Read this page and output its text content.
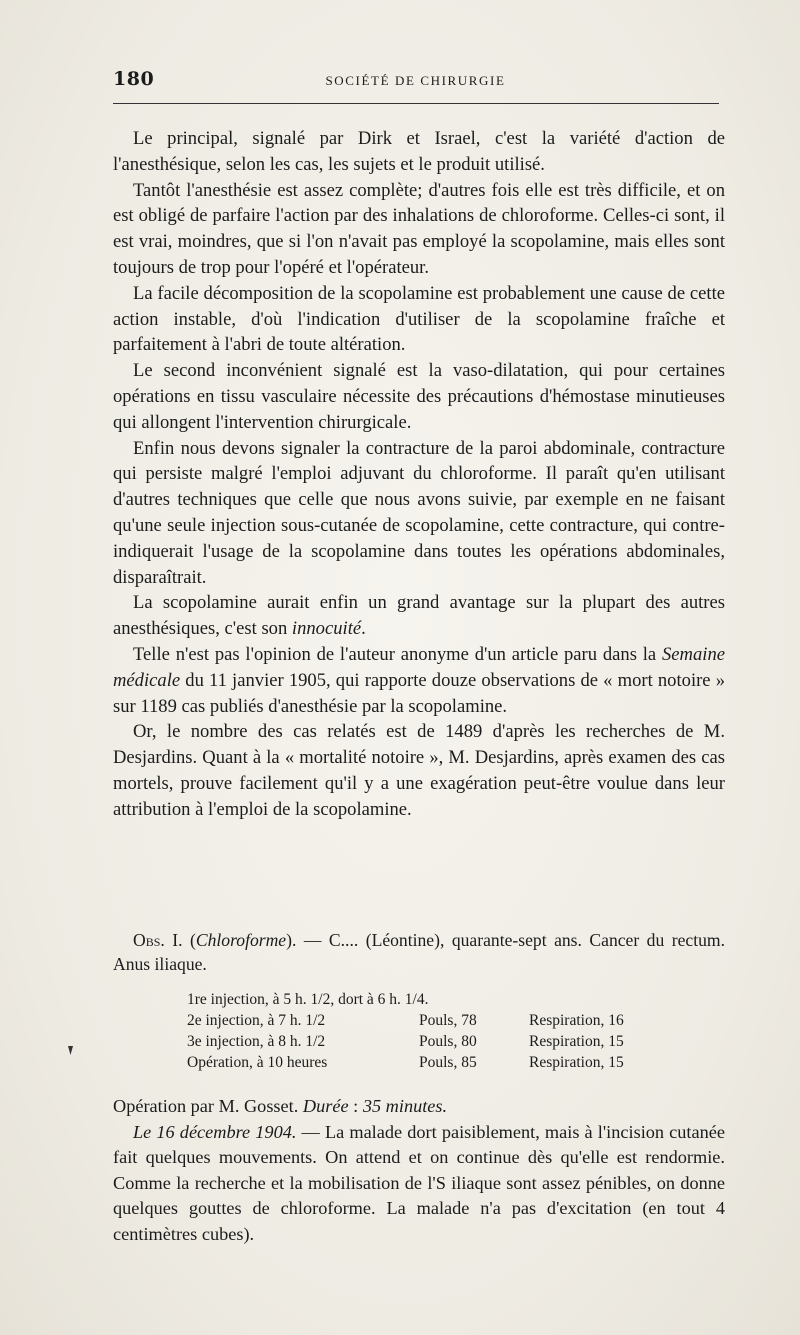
180	SOCIÉTÉ DE CHIRURGIE

Le principal, signalé par Dirk et Israel, c'est la variété d'action de l'anesthésique, selon les cas, les sujets et le produit utilisé.

Tantôt l'anesthésie est assez complète; d'autres fois elle est très difficile, et on est obligé de parfaire l'action par des inhalations de chloroforme. Celles-ci sont, il est vrai, moindres, que si l'on n'avait pas employé la scopolamine, mais elles sont toujours de trop pour l'opéré et l'opérateur.

La facile décomposition de la scopolamine est probablement une cause de cette action instable, d'où l'indication d'utiliser de la scopolamine fraîche et parfaitement à l'abri de toute altération.

Le second inconvénient signalé est la vaso-dilatation, qui pour certaines opérations en tissu vasculaire nécessite des précautions d'hémostase minutieuses qui allongent l'intervention chirurgicale.

Enfin nous devons signaler la contracture de la paroi abdominale, contracture qui persiste malgré l'emploi adjuvant du chloroforme. Il paraît qu'en utilisant d'autres techniques que celle que nous avons suivie, par exemple en ne faisant qu'une seule injection sous-cutanée de scopolamine, cette contracture, qui contre-indiquerait l'usage de la scopolamine dans toutes les opérations abdominales, disparaîtrait.

La scopolamine aurait enfin un grand avantage sur la plupart des autres anesthésiques, c'est son innocuité.

Telle n'est pas l'opinion de l'auteur anonyme d'un article paru dans la Semaine médicale du 11 janvier 1905, qui rapporte douze observations de « mort notoire » sur 1189 cas publiés d'anesthésie par la scopolamine.

Or, le nombre des cas relatés est de 1489 d'après les recherches de M. Desjardins. Quant à la « mortalité notoire », M. Desjardins, après examen des cas mortels, prouve facilement qu'il y a une exagération peut-être voulue dans leur attribution à l'emploi de la scopolamine.

Obs. I. (Chloroforme). — C.... (Léontine), quarante-sept ans. Cancer du rectum. Anus iliaque.

1re injection, à 5 h. 1/2, dort à 6 h. 1/4.
2e injection, à 7 h. 1/2	Pouls, 78	Respiration, 16
3e injection, à 8 h. 1/2	Pouls, 80	Respiration, 15
Opération, à 10 heures	Pouls, 85	Respiration, 15

Opération par M. Gosset. Durée : 35 minutes.

Le 16 décembre 1904. — La malade dort paisiblement, mais à l'incision cutanée fait quelques mouvements. On attend et on continue dès qu'elle est rendormie. Comme la recherche et la mobilisation de l'S iliaque sont assez pénibles, on donne quelques gouttes de chloroforme. La malade n'a pas d'excitation (en tout 4 centimètres cubes).
